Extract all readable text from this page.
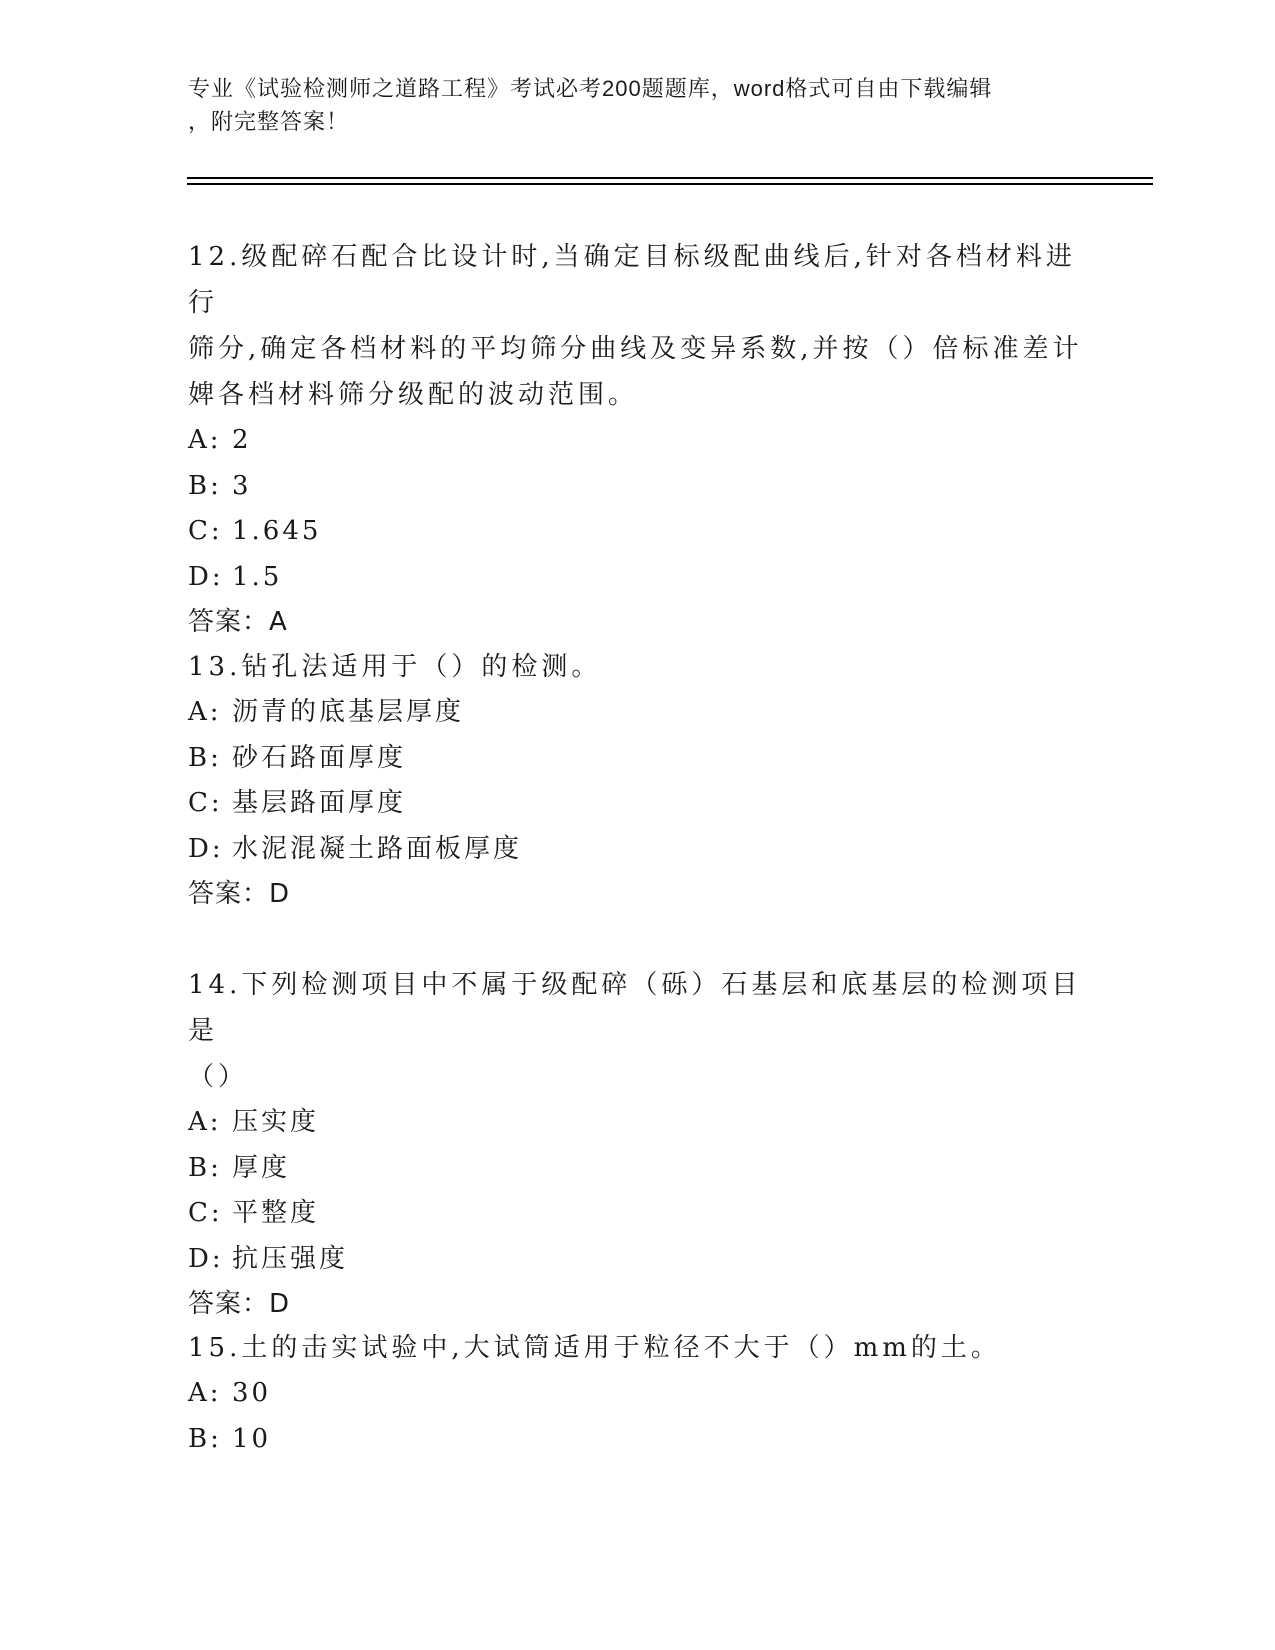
专业《试验检测师之道路工程》考试必考200题题库，word格式可自由下载编辑
，附完整答案！
12.级配碎石配合比设计时,当确定目标级配曲线后,针对各档材料进行
筛分,确定各档材料的平均筛分曲线及变异系数,并按（）倍标准差计
婢各档材料筛分级配的波动范围。
A: 2
B: 3
C: 1.645
D: 1.5
答案：A
13.钻孔法适用于（）的检测。
A: 沥青的底基层厚度
B: 砂石路面厚度
C: 基层路面厚度
D: 水泥混凝土路面板厚度
答案：D
14.下列检测项目中不属于级配碎（砾）石基层和底基层的检测项目是
（）
A: 压实度
B: 厚度
C: 平整度
D: 抗压强度
答案：D
15.土的击实试验中,大试筒适用于粒径不大于（）mm的土。
A: 30
B: 10
